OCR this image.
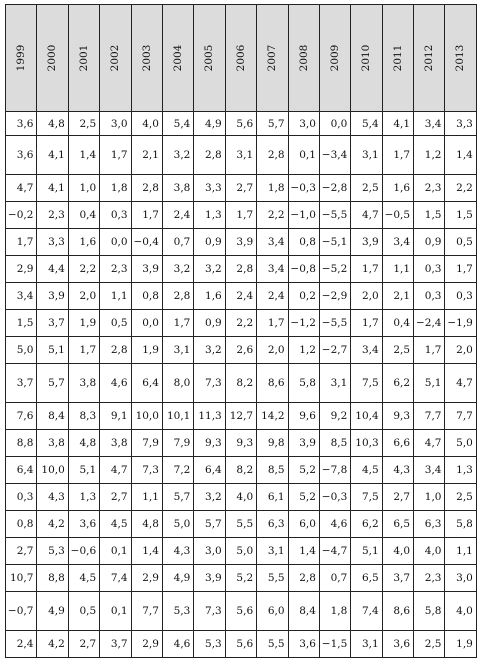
1999	2000	2001	2002	2003	2004	2005	2006	2007	2008	2009	2010	2011	2012	2013

3,6	4,8	2,5	3,0	4,0	5,4	4,9	5,6	5,7	3,0	0,0	5,4	4,1	3,4	3,3
3,6	4,1	1,4	1,7	2,1	3,2	2,8	3,1	2,8	0,1	−3,4	3,1	1,7	1,2	1,4
4,7	4,1	1,0	1,8	2,8	3,8	3,3	2,7	1,8	−0,3	−2,8	2,5	1,6	2,3	2,2
−0,2	2,3	0,4	0,3	1,7	2,4	1,3	1,7	2,2	−1,0	−5,5	4,7	−0,5	1,5	1,5
1,7	3,3	1,6	0,0	−0,4	0,7	0,9	3,9	3,4	0,8	−5,1	3,9	3,4	0,9	0,5
2,9	4,4	2,2	2,3	3,9	3,2	3,2	2,8	3,4	−0,8	−5,2	1,7	1,1	0,3	1,7
3,4	3,9	2,0	1,1	0,8	2,8	1,6	2,4	2,4	0,2	−2,9	2,0	2,1	0,3	0,3
1,5	3,7	1,9	0,5	0,0	1,7	0,9	2,2	1,7	−1,2	−5,5	1,7	0,4	−2,4	−1,9
5,0	5,1	1,7	2,8	1,9	3,1	3,2	2,6	2,0	1,2	−2,7	3,4	2,5	1,7	2,0
3,7	5,7	3,8	4,6	6,4	8,0	7,3	8,2	8,6	5,8	3,1	7,5	6,2	5,1	4,7
7,6	8,4	8,3	9,1	10,0	10,1	11,3	12,7	14,2	9,6	9,2	10,4	9,3	7,7	7,7
8,8	3,8	4,8	3,8	7,9	7,9	9,3	9,3	9,8	3,9	8,5	10,3	6,6	4,7	5,0
6,4	10,0	5,1	4,7	7,3	7,2	6,4	8,2	8,5	5,2	−7,8	4,5	4,3	3,4	1,3
0,3	4,3	1,3	2,7	1,1	5,7	3,2	4,0	6,1	5,2	−0,3	7,5	2,7	1,0	2,5
0,8	4,2	3,6	4,5	4,8	5,0	5,7	5,5	6,3	6,0	4,6	6,2	6,5	6,3	5,8
2,7	5,3	−0,6	0,1	1,4	4,3	3,0	5,0	3,1	1,4	−4,7	5,1	4,0	4,0	1,1
10,7	8,8	4,5	7,4	2,9	4,9	3,9	5,2	5,5	2,8	0,7	6,5	3,7	2,3	3,0
−0,7	4,9	0,5	0,1	7,7	5,3	7,3	5,6	6,0	8,4	1,8	7,4	8,6	5,8	4,0
2,4	4,2	2,7	3,7	2,9	4,6	5,3	5,6	5,5	3,6	−1,5	3,1	3,6	2,5	1,9
